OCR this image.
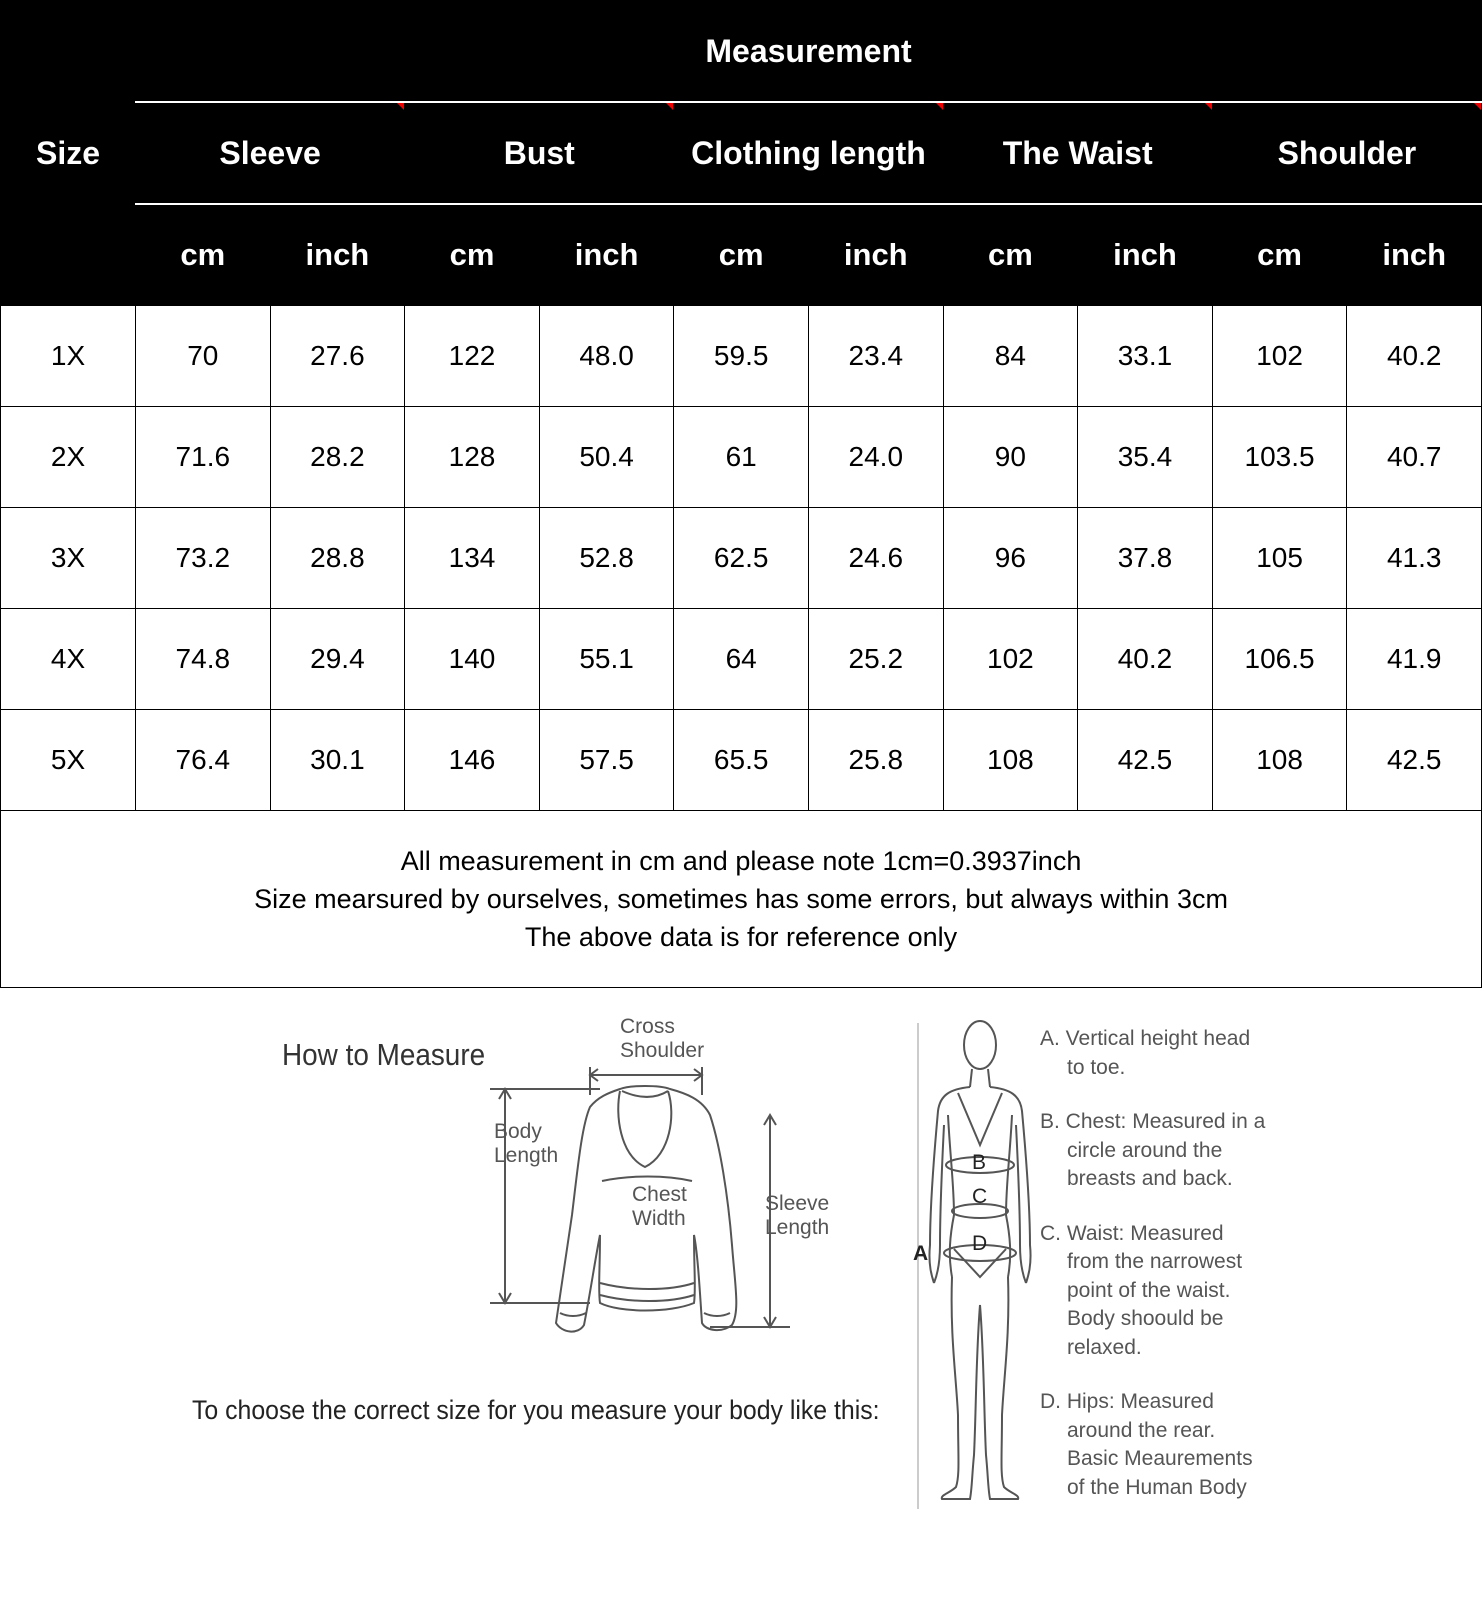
Size	Measurement									
	Sleeve		Bust		Clothing length		The Waist		Shoulder	
	cm	inch	cm	inch	cm	inch	cm	inch	cm	inch
1X	70	27.6	122	48.0	59.5	23.4	84	33.1	102	40.2
2X	71.6	28.2	128	50.4	61	24.0	90	35.4	103.5	40.7
3X	73.2	28.8	134	52.8	62.5	24.6	96	37.8	105	41.3
4X	74.8	29.4	140	55.1	64	25.2	102	40.2	106.5	41.9
5X	76.4	30.1	146	57.5	65.5	25.8	108	42.5	108	42.5

All measurement in cm and please note 1cm=0.3937inch
Size mearsured by ourselves, sometimes has some errors, but always within 3cm
The above data is for reference only										
How to Measure
Cross
Shoulder
Body
Length
Chest
Width
Sleeve
Length
To choose the correct size for you measure your body like this:
A
B
C
D

A. Vertical height head
to toe.

B. Chest: Measured in a
circle around the
breasts and back.

C. Waist: Measured
from the narrowest
point of the waist.
Body shoould be
relaxed.

D. Hips: Measured
around the rear.
Basic Meaurements
of the Human Body
